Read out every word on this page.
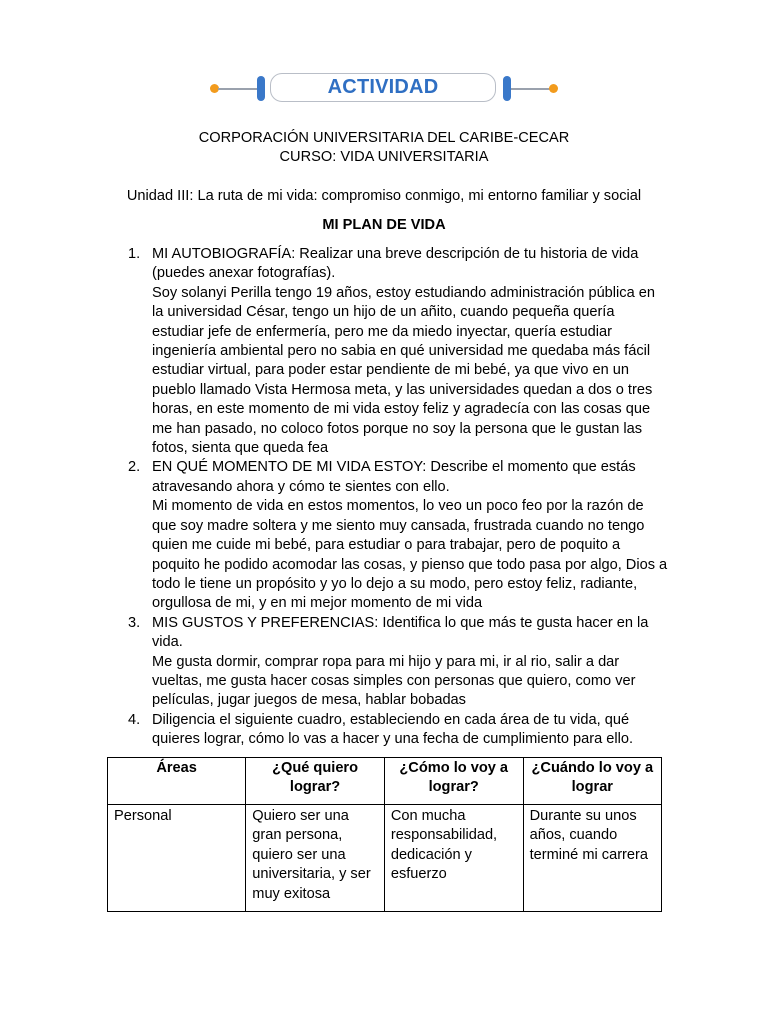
ACTIVIDAD
CORPORACIÓN UNIVERSITARIA DEL CARIBE-CECAR
CURSO: VIDA UNIVERSITARIA
Unidad III: La ruta de mi vida: compromiso conmigo, mi entorno familiar y social
MI PLAN DE VIDA
1. MI AUTOBIOGRAFÍA: Realizar una breve descripción de tu historia de vida (puedes anexar fotografías).
Soy solanyi Perilla tengo 19 años, estoy estudiando administración pública en la universidad César, tengo un hijo de un añito, cuando pequeña quería estudiar jefe de enfermería, pero me da miedo inyectar, quería estudiar ingeniería ambiental pero no sabia en qué universidad me quedaba más fácil estudiar virtual, para poder estar pendiente de mi bebé, ya que vivo en un pueblo llamado Vista Hermosa meta, y las universidades quedan a dos o tres horas, en este momento de mi vida estoy feliz y agradecía con las cosas que me han pasado, no coloco fotos porque no soy la persona que le gustan las fotos, sienta que queda fea
2. EN QUÉ MOMENTO DE MI VIDA ESTOY: Describe el momento que estás atravesando ahora y cómo te sientes con ello.
Mi momento de vida en estos momentos, lo veo un poco feo por la razón de que soy madre soltera y me siento muy cansada, frustrada cuando no tengo quien me cuide mi bebé, para estudiar o para trabajar, pero de poquito a poquito he podido acomodar las cosas, y pienso que todo pasa por algo, Dios a todo le tiene un propósito y yo lo dejo a su modo, pero estoy feliz, radiante, orgullosa de mi, y en mi mejor momento de mi vida
3. MIS GUSTOS Y PREFERENCIAS: Identifica lo que más te gusta hacer en la vida.
Me gusta dormir, comprar ropa para mi hijo y para mi, ir al rio, salir a dar vueltas, me gusta hacer cosas simples con personas que quiero, como ver películas, jugar juegos de mesa, hablar bobadas
4. Diligencia el siguiente cuadro, estableciendo en cada área de tu vida, qué quieres lograr, cómo lo vas a hacer y una fecha de cumplimiento para ello.
Áreas	¿Qué quiero lograr?	¿Cómo lo voy a lograr?	¿Cuándo lo voy a lograr
Personal	Quiero ser una gran persona, quiero ser una universitaria, y ser muy exitosa	Con mucha responsabilidad, dedicación y esfuerzo	Durante su unos años, cuando terminé mi carrera
